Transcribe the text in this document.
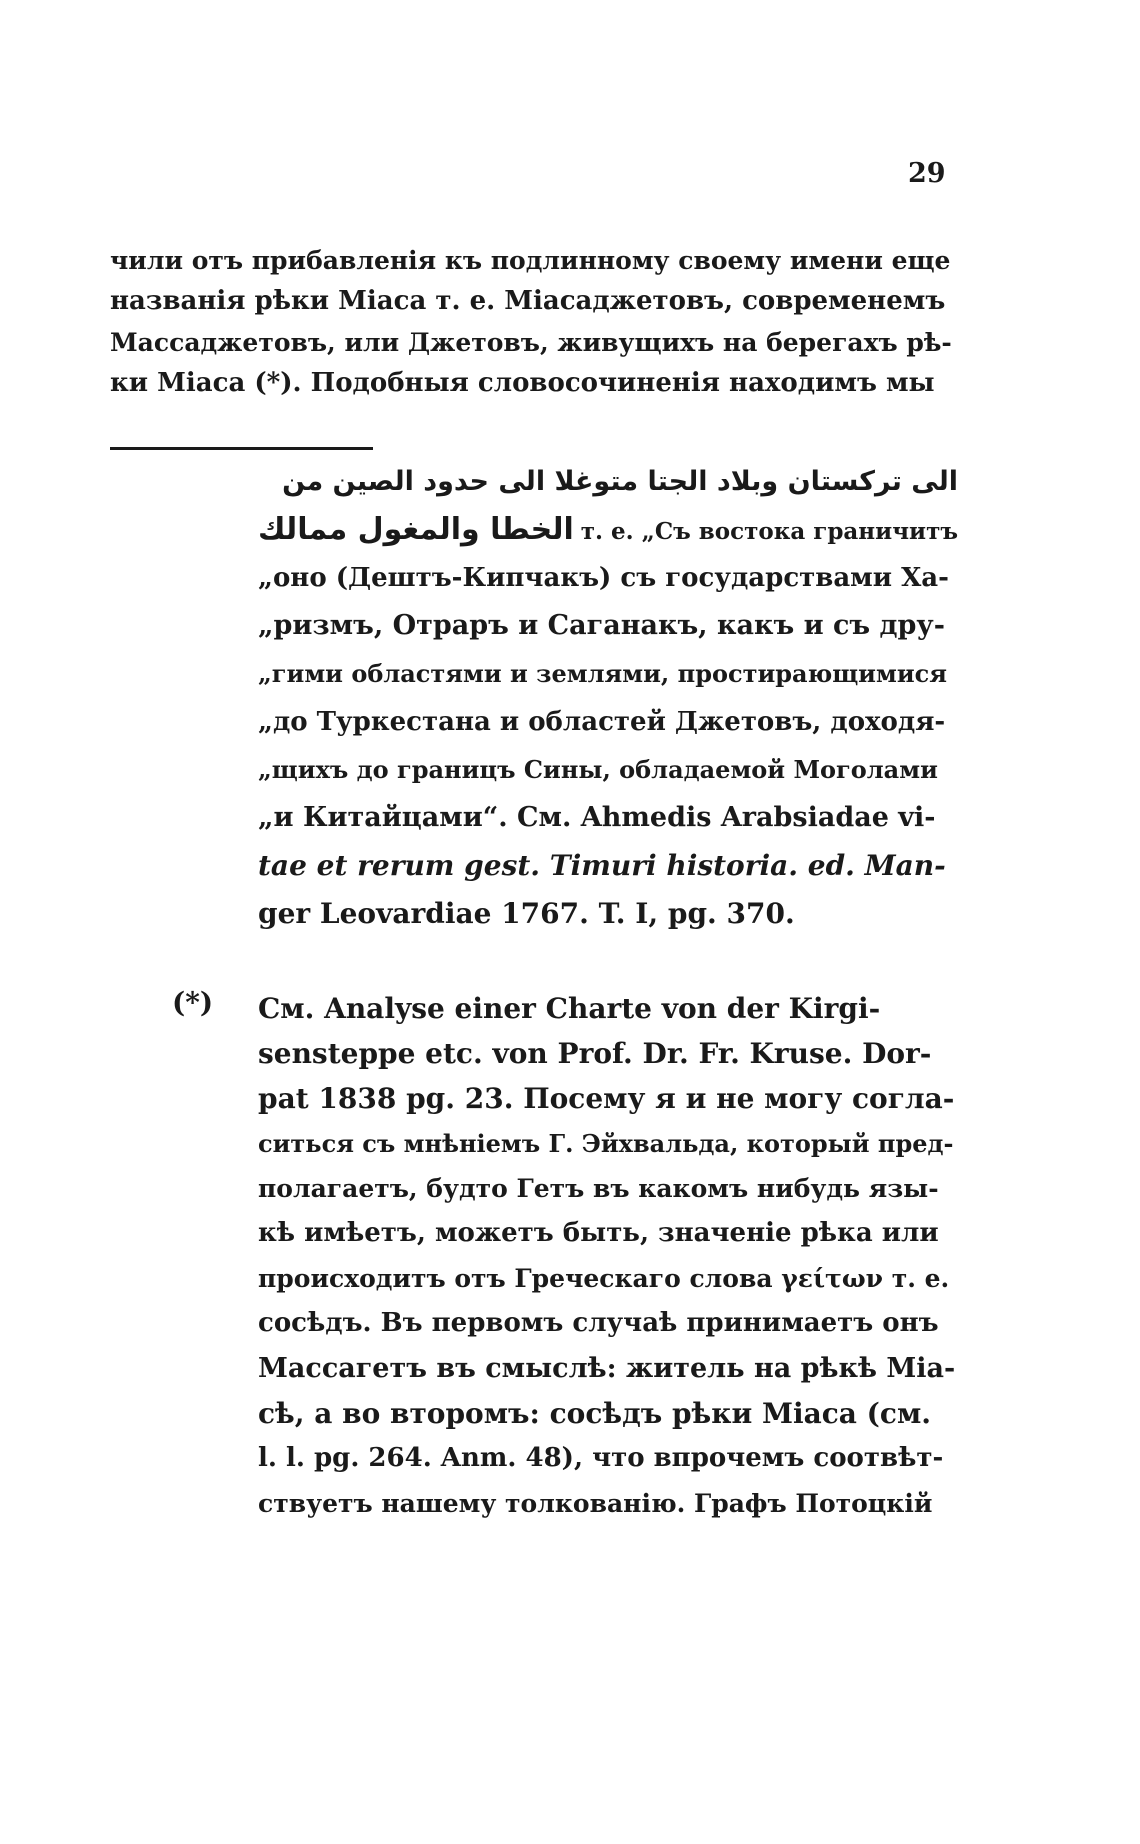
29
чили отъ прибавленія къ подлинному своему имени еще
названія рѣки Міаса т. е. Міасаджетовъ, современемъ
Массаджетовъ, или Джетовъ, живущихъ на берегахъ рѣ-
ки Міаса (*). Подобныя словосочиненія находимъ мы
الى تركستان وبلاد الجتا متوغلا الى حدود الصين من
الخطا والمغول ممالك т. е. „Съ востока граничитъ
„оно (Дештъ-Кипчакъ) съ государствами Ха-
„ризмъ, Отраръ и Саганакъ, какъ и съ дру-
„гими областями и землями, простирающимися
„до Туркестана и областей Джетовъ, доходя-
„щихъ до границъ Сины, обладаемой Моголами
„и Китайцами“. См. Ahmedis Arabsiadae vi-
tae et rerum gest. Timuri historia. ed. Man-
ger Leovardiae 1767. T. I, pg. 370.
(*)	См. Analyse einer Charte von der Kirgi-
senstеppe etc. von Prof. Dr. Fr. Kruse. Dor-
pat 1838 pg. 23. Посему я и не могу согла-
ситься съ мнѣніемъ Г. Эйхвальда, который пред-
полагаетъ, будто Гетъ въ какомъ нибудь язы-
кѣ имѣетъ, можетъ быть, значеніе рѣка или
происходитъ отъ Греческаго слова γείτων т. е.
сосѣдъ. Въ первомъ случаѣ принимаетъ онъ
Массагетъ въ смыслѣ: житель на рѣкѣ Міа-
сѣ, а во второмъ: сосѣдъ рѣки Міаса (см.
l. l. pg. 264. Anm. 48), что впрочемъ соотвѣт-
ствуетъ нашему толкованію. Графъ Потоцкій
